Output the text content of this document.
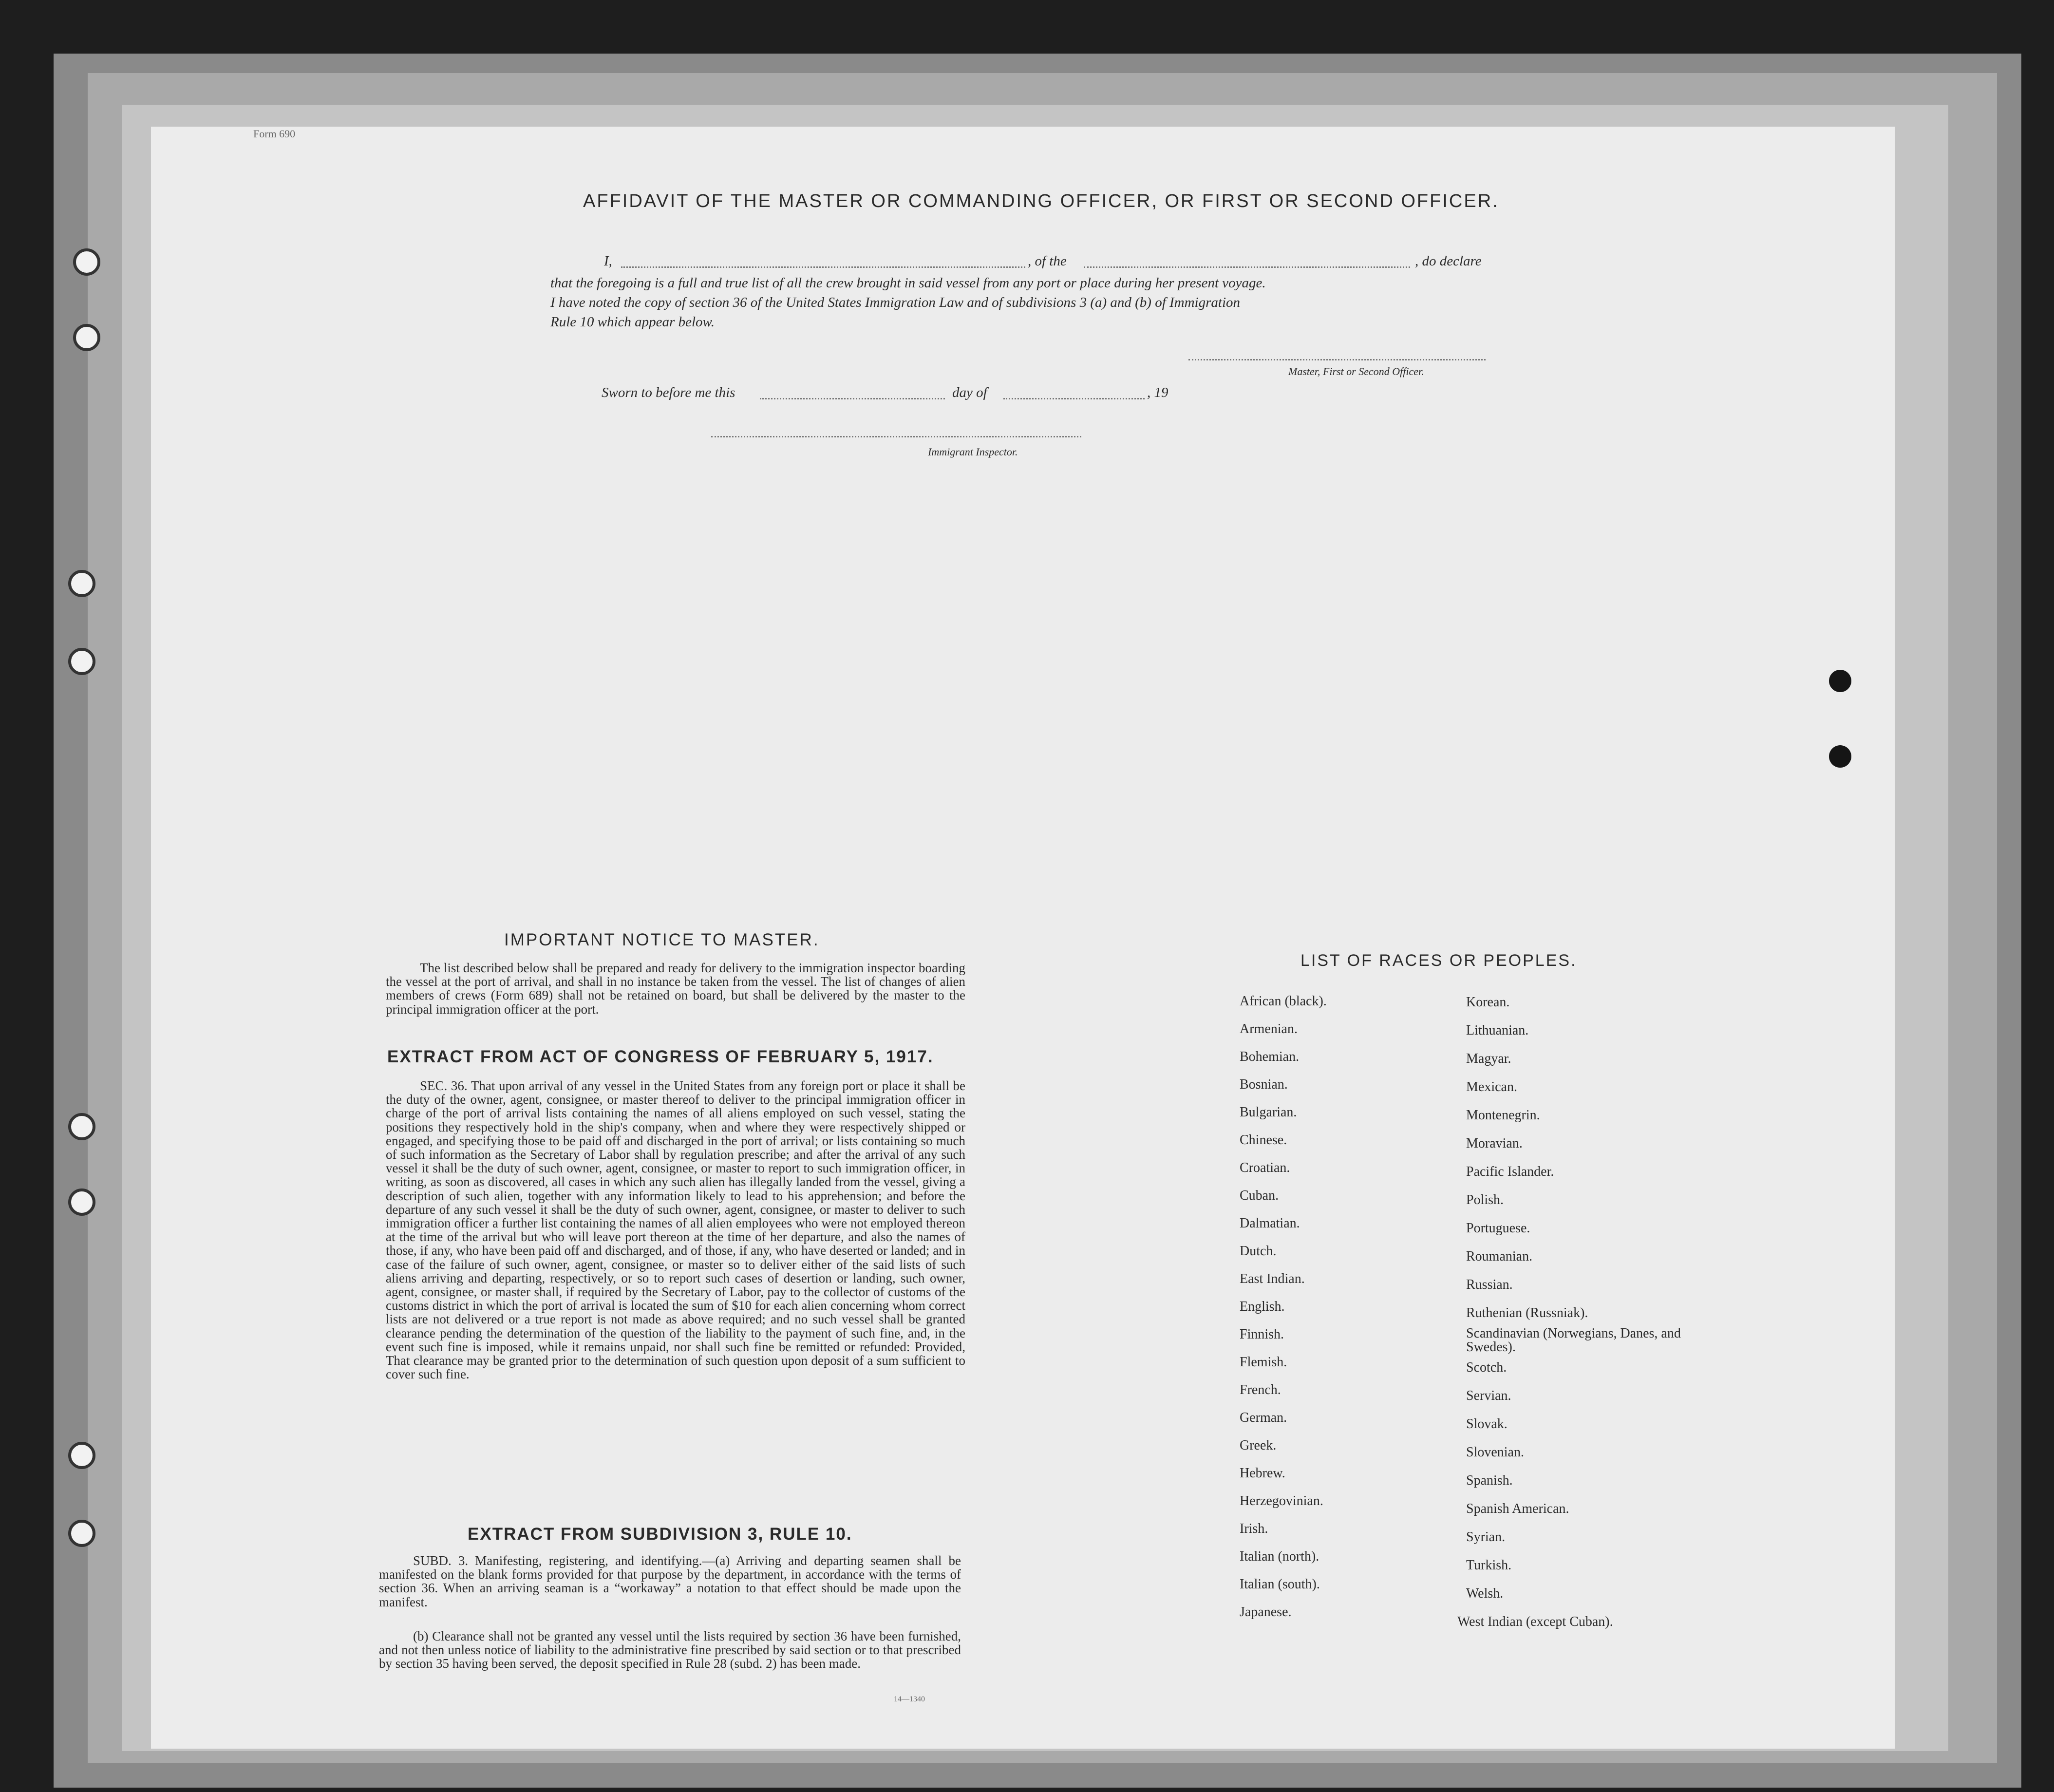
Form 690
AFFIDAVIT OF THE MASTER OR COMMANDING OFFICER, OR FIRST OR SECOND OFFICER.
I,	, of the	, do declare
that the foregoing is a full and true list of all the crew brought in said vessel from any port or place during her present voyage.
I have noted the copy of section 36 of the United States Immigration Law and of subdivisions 3 (a) and (b) of Immigration
Rule 10 which appear below.
Master, First or Second Officer.
Sworn to before me this	day of	, 19
Immigrant Inspector.
IMPORTANT NOTICE TO MASTER.
The list described below shall be prepared and ready for delivery to the immigration inspector boarding the vessel at the port of arrival, and shall in no instance be taken from the vessel. The list of changes of alien members of crews (Form 689) shall not be retained on board, but shall be delivered by the master to the principal immigration officer at the port.
EXTRACT FROM ACT OF CONGRESS OF FEBRUARY 5, 1917.
SEC. 36. That upon arrival of any vessel in the United States from any foreign port or place it shall be the duty of the owner, agent, consignee, or master thereof to deliver to the principal immigration officer in charge of the port of arrival lists containing the names of all aliens employed on such vessel, stating the positions they respectively hold in the ship's company, when and where they were respectively shipped or engaged, and specifying those to be paid off and discharged in the port of arrival; or lists containing so much of such information as the Secretary of Labor shall by regulation prescribe; and after the arrival of any such vessel it shall be the duty of such owner, agent, consignee, or master to report to such immigration officer, in writing, as soon as discovered, all cases in which any such alien has illegally landed from the vessel, giving a description of such alien, together with any information likely to lead to his apprehension; and before the departure of any such vessel it shall be the duty of such owner, agent, consignee, or master to deliver to such immigration officer a further list containing the names of all alien employees who were not employed thereon at the time of the arrival but who will leave port thereon at the time of her departure, and also the names of those, if any, who have been paid off and discharged, and of those, if any, who have deserted or landed; and in case of the failure of such owner, agent, consignee, or master so to deliver either of the said lists of such aliens arriving and departing, respectively, or so to report such cases of desertion or landing, such owner, agent, consignee, or master shall, if required by the Secretary of Labor, pay to the collector of customs of the customs district in which the port of arrival is located the sum of $10 for each alien concerning whom correct lists are not delivered or a true report is not made as above required; and no such vessel shall be granted clearance pending the determination of the question of the liability to the payment of such fine, and, in the event such fine is imposed, while it remains unpaid, nor shall such fine be remitted or refunded: Provided, That clearance may be granted prior to the determination of such question upon deposit of a sum sufficient to cover such fine.
EXTRACT FROM SUBDIVISION 3, RULE 10.
SUBD. 3. Manifesting, registering, and identifying.—(a) Arriving and departing seamen shall be manifested on the blank forms provided for that purpose by the department, in accordance with the terms of section 36. When an arriving seaman is a “workaway” a notation to that effect should be made upon the manifest.
(b) Clearance shall not be granted any vessel until the lists required by section 36 have been furnished, and not then unless notice of liability to the administrative fine prescribed by said section or to that prescribed by section 35 having been served, the deposit specified in Rule 28 (subd. 2) has been made.
14—1340
LIST OF RACES OR PEOPLES.
African (black).
Armenian.
Bohemian.
Bosnian.
Bulgarian.
Chinese.
Croatian.
Cuban.
Dalmatian.
Dutch.
East Indian.
English.
Finnish.
Flemish.
French.
German.
Greek.
Hebrew.
Herzegovinian.
Irish.
Italian (north).
Italian (south).
Japanese.
Korean.
Lithuanian.
Magyar.
Mexican.
Montenegrin.
Moravian.
Pacific Islander.
Polish.
Portuguese.
Roumanian.
Russian.
Ruthenian (Russniak).
Scandinavian (Norwegians, Danes, and Swedes).
Scotch.
Servian.
Slovak.
Slovenian.
Spanish.
Spanish American.
Syrian.
Turkish.
Welsh.
West Indian (except Cuban).
